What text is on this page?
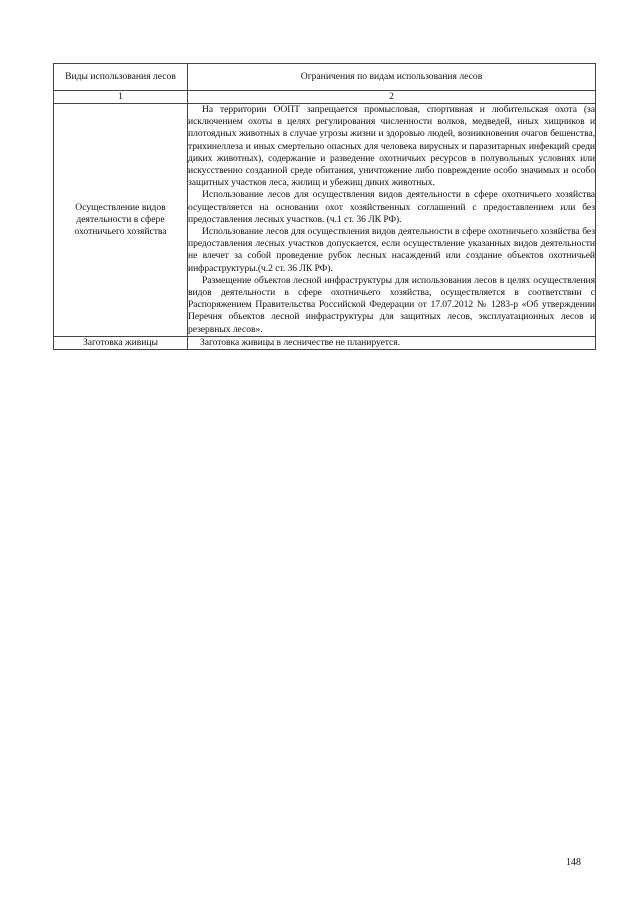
Виды использования лесов	Ограничения по видам использования лесов
1	2
Осуществление видов деятельности в сфере охотничьего хозяйства	На территории ООПТ запрещается промысловая, спортивная и любительская охота (за исключением охоты в целях регулирования численности волков, медведей, иных хищников и плотоядных животных в случае угрозы жизни и здоровью людей, возникновения очагов бешенства, трихинеллеза и иных смертельно опасных для человека вирусных и паразитарных инфекций среди диких животных), содержание и разведение охотничьих ресурсов в полувольных условиях или искусственно созданной среде обитания, уничтожение либо повреждение особо значимых и особо защитных участков леса, жилищ и убежищ диких животных.

Использование лесов для осуществления видов деятельности в сфере охотничьего хозяйства осуществляется на основании охот хозяйственных соглашений с предоставлением или без предоставления лесных участков. (ч.1 ст. 36 ЛК РФ).

Использование лесов для осуществления видов деятельности в сфере охотничьего хозяйства без предоставления лесных участков допускается, если осуществление указанных видов деятельности не влечет за собой проведение рубок лесных насаждений или создание объектов охотничьей инфраструктуры.(ч.2 ст. 36 ЛК РФ).

Размещение объектов лесной инфраструктуры для использования лесов в целях осуществления видов деятельности в сфере охотничьего хозяйства, осуществляется в соответствии с Распоряжением Правительства Российской Федерации от 17.07.2012 № 1283-р «Об утверждении Перечня объектов лесной инфраструктуры для защитных лесов, эксплуатационных лесов и резервных лесов».

Заготовка живицы	Заготовка живицы в лесничестве не планируется.

148
